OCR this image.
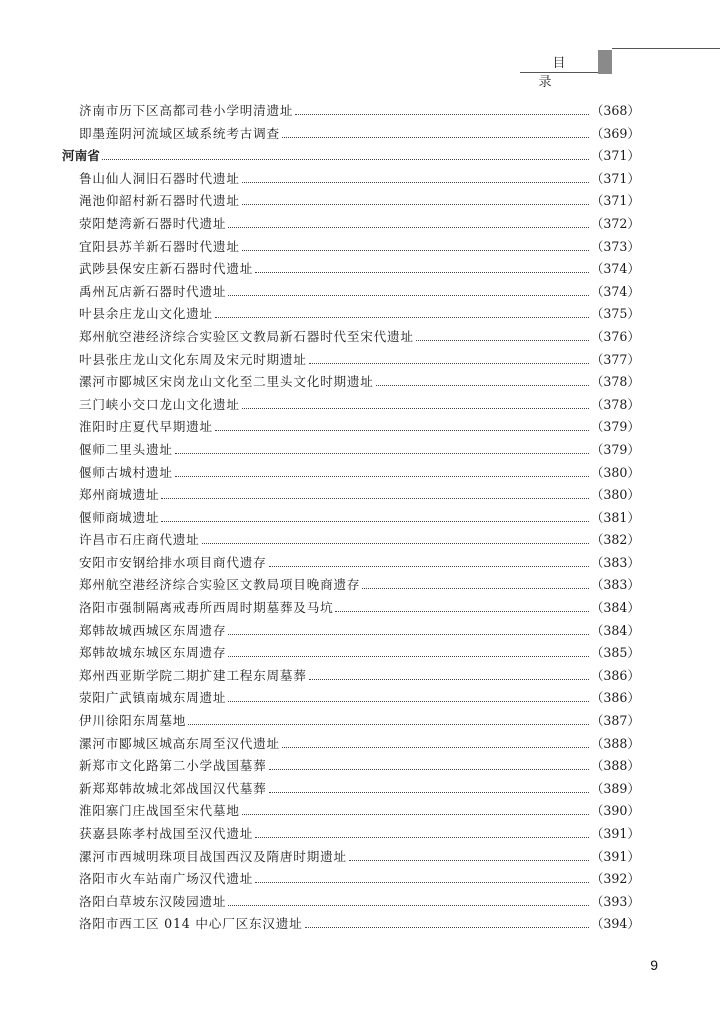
目 录
济南市历下区高都司巷小学明清遗址	（368）
即墨莲阴河流域区域系统考古调查	（369）
河南省	（371）
鲁山仙人洞旧石器时代遗址	（371）
渑池仰韶村新石器时代遗址	（371）
荥阳楚湾新石器时代遗址	（372）
宜阳县苏羊新石器时代遗址	（373）
武陟县保安庄新石器时代遗址	（374）
禹州瓦店新石器时代遗址	（374）
叶县余庄龙山文化遗址	（375）
郑州航空港经济综合实验区文教局新石器时代至宋代遗址	（376）
叶县张庄龙山文化东周及宋元时期遗址	（377）
漯河市郾城区宋岗龙山文化至二里头文化时期遗址	（378）
三门峡小交口龙山文化遗址	（378）
淮阳时庄夏代早期遗址	（379）
偃师二里头遗址	（379）
偃师古城村遗址	（380）
郑州商城遗址	（380）
偃师商城遗址	（381）
许昌市石庄商代遗址	（382）
安阳市安钢给排水项目商代遗存	（383）
郑州航空港经济综合实验区文教局项目晚商遗存	（383）
洛阳市强制隔离戒毒所西周时期墓葬及马坑	（384）
郑韩故城西城区东周遗存	（384）
郑韩故城东城区东周遗存	（385）
郑州西亚斯学院二期扩建工程东周墓葬	（386）
荥阳广武镇南城东周遗址	（386）
伊川徐阳东周墓地	（387）
漯河市郾城区城高东周至汉代遗址	（388）
新郑市文化路第二小学战国墓葬	（388）
新郑郑韩故城北郊战国汉代墓葬	（389）
淮阳寨门庄战国至宋代墓地	（390）
获嘉县陈孝村战国至汉代遗址	（391）
漯河市西城明珠项目战国西汉及隋唐时期遗址	（391）
洛阳市火车站南广场汉代遗址	（392）
洛阳白草坡东汉陵园遗址	（393）
洛阳市西工区 014 中心厂区东汉遗址	（394）
9
